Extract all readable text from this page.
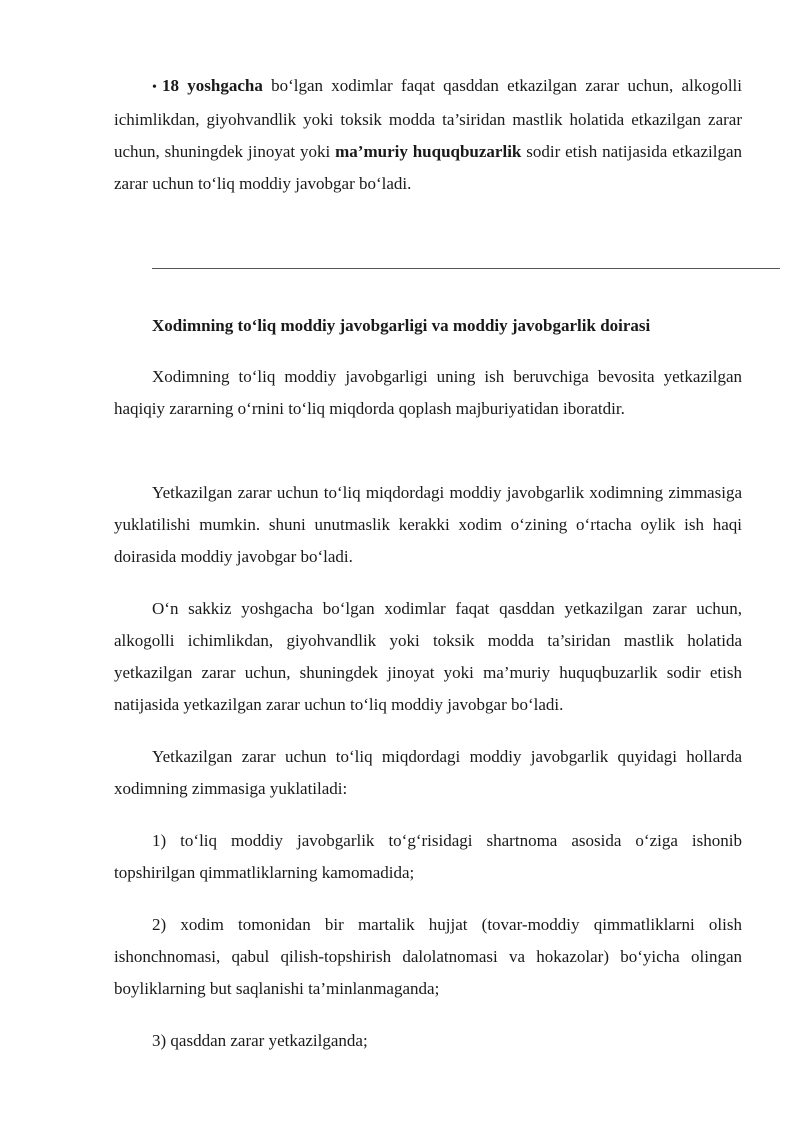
• 18 yoshgacha bo‘lgan xodimlar faqat qasddan etkazilgan zarar uchun, alkogolli ichimlikdan, giyohvandlik yoki toksik modda ta’siridan mastlik holatida etkazilgan zarar uchun, shuningdek jinoyat yoki ma’muriy huquqbuzarlik sodir etish natijasida etkazilgan zarar uchun to‘liq moddiy javobgar bo‘ladi.

Xodimning to‘liq moddiy javobgarligi va moddiy javobgarlik doirasi

Xodimning to‘liq moddiy javobgarligi uning ish beruvchiga bevosita yetkazilgan haqiqiy zararning o‘rnini to‘liq miqdorda qoplash majburiyatidan iboratdir.

Yetkazilgan zarar uchun to‘liq miqdordagi moddiy javobgarlik xodimning zimmasiga yuklatilishi mumkin. shuni unutmaslik kerakki xodim o‘zining o‘rtacha oylik ish haqi doirasida moddiy javobgar bo‘ladi.

O‘n sakkiz yoshgacha bo‘lgan xodimlar faqat qasddan yetkazilgan zarar uchun, alkogolli ichimlikdan, giyohvandlik yoki toksik modda ta’siridan mastlik holatida yetkazilgan zarar uchun, shuningdek jinoyat yoki ma’muriy huquqbuzarlik sodir etish natijasida yetkazilgan zarar uchun to‘liq moddiy javobgar bo‘ladi.

Yetkazilgan zarar uchun to‘liq miqdordagi moddiy javobgarlik quyidagi hollarda xodimning zimmasiga yuklatiladi:

1) to‘liq moddiy javobgarlik to‘g‘risidagi shartnoma asosida o‘ziga ishonib topshirilgan qimmatliklarning kamomadida;

2) xodim tomonidan bir martalik hujjat (tovar-moddiy qimmatliklarni olish ishonchnomasi, qabul qilish-topshirish dalolatnomasi va hokazolar) bo‘yicha olingan boyliklarning but saqlanishi ta’minlanmaganda;

3) qasddan zarar yetkazilganda;
